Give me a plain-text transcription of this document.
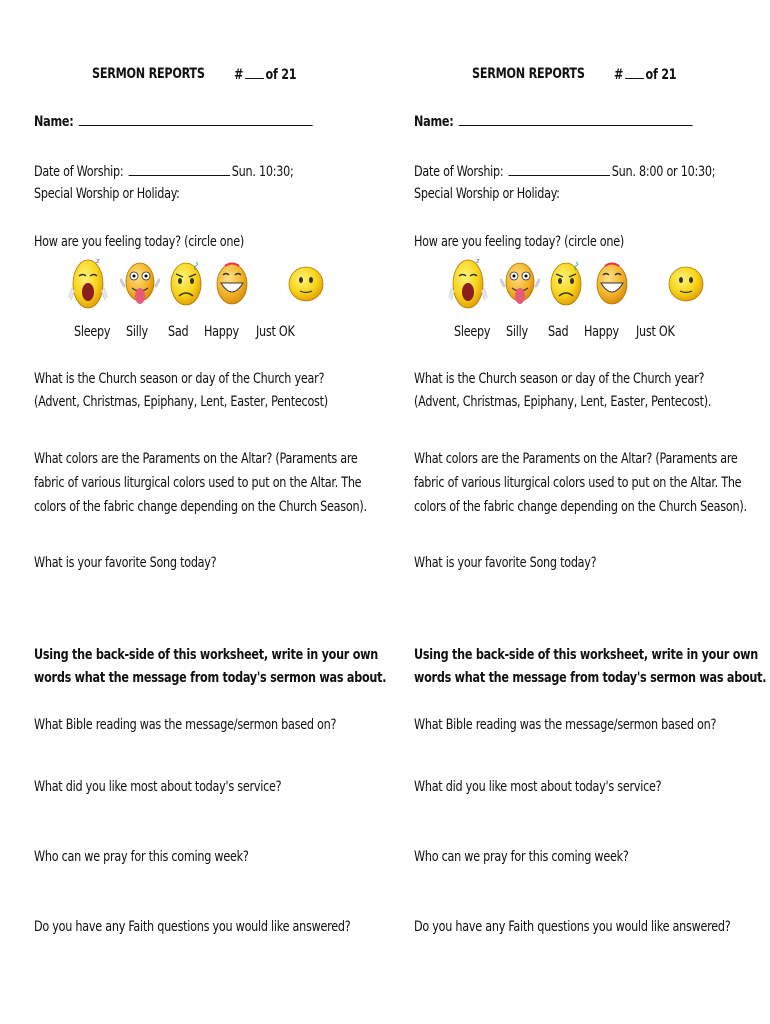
SERMON REPORTS # of 21
Name:
Date of Worship:	Sun. 10:30;
Special Worship or Holiday:
How are you feeling today? (circle one)
Sleepy Silly Sad Happy Just OK
What is the Church season or day of the Church year?
(Advent, Christmas, Epiphany, Lent, Easter, Pentecost)
What colors are the Paraments on the Altar? (Paraments are
fabric of various liturgical colors used to put on the Altar. The
colors of the fabric change depending on the Church Season).
What is your favorite Song today?
Using the back-side of this worksheet, write in your own
words what the message from today's sermon was about.
What Bible reading was the message/sermon based on?
What did you like most about today's service?
Who can we pray for this coming week?
Do you have any Faith questions you would like answered?
SERMON REPORTS # of 21
Name:
Date of Worship:	Sun. 8:00 or 10:30;
Special Worship or Holiday:
How are you feeling today? (circle one)
Sleepy Silly Sad Happy Just OK
What is the Church season or day of the Church year?
(Advent, Christmas, Epiphany, Lent, Easter, Pentecost).
What colors are the Paraments on the Altar? (Paraments are
fabric of various liturgical colors used to put on the Altar. The
colors of the fabric change depending on the Church Season).
What is your favorite Song today?
Using the back-side of this worksheet, write in your own
words what the message from today's sermon was about.
What Bible reading was the message/sermon based on?
What did you like most about today's service?
Who can we pray for this coming week?
Do you have any Faith questions you would like answered?
z	z
